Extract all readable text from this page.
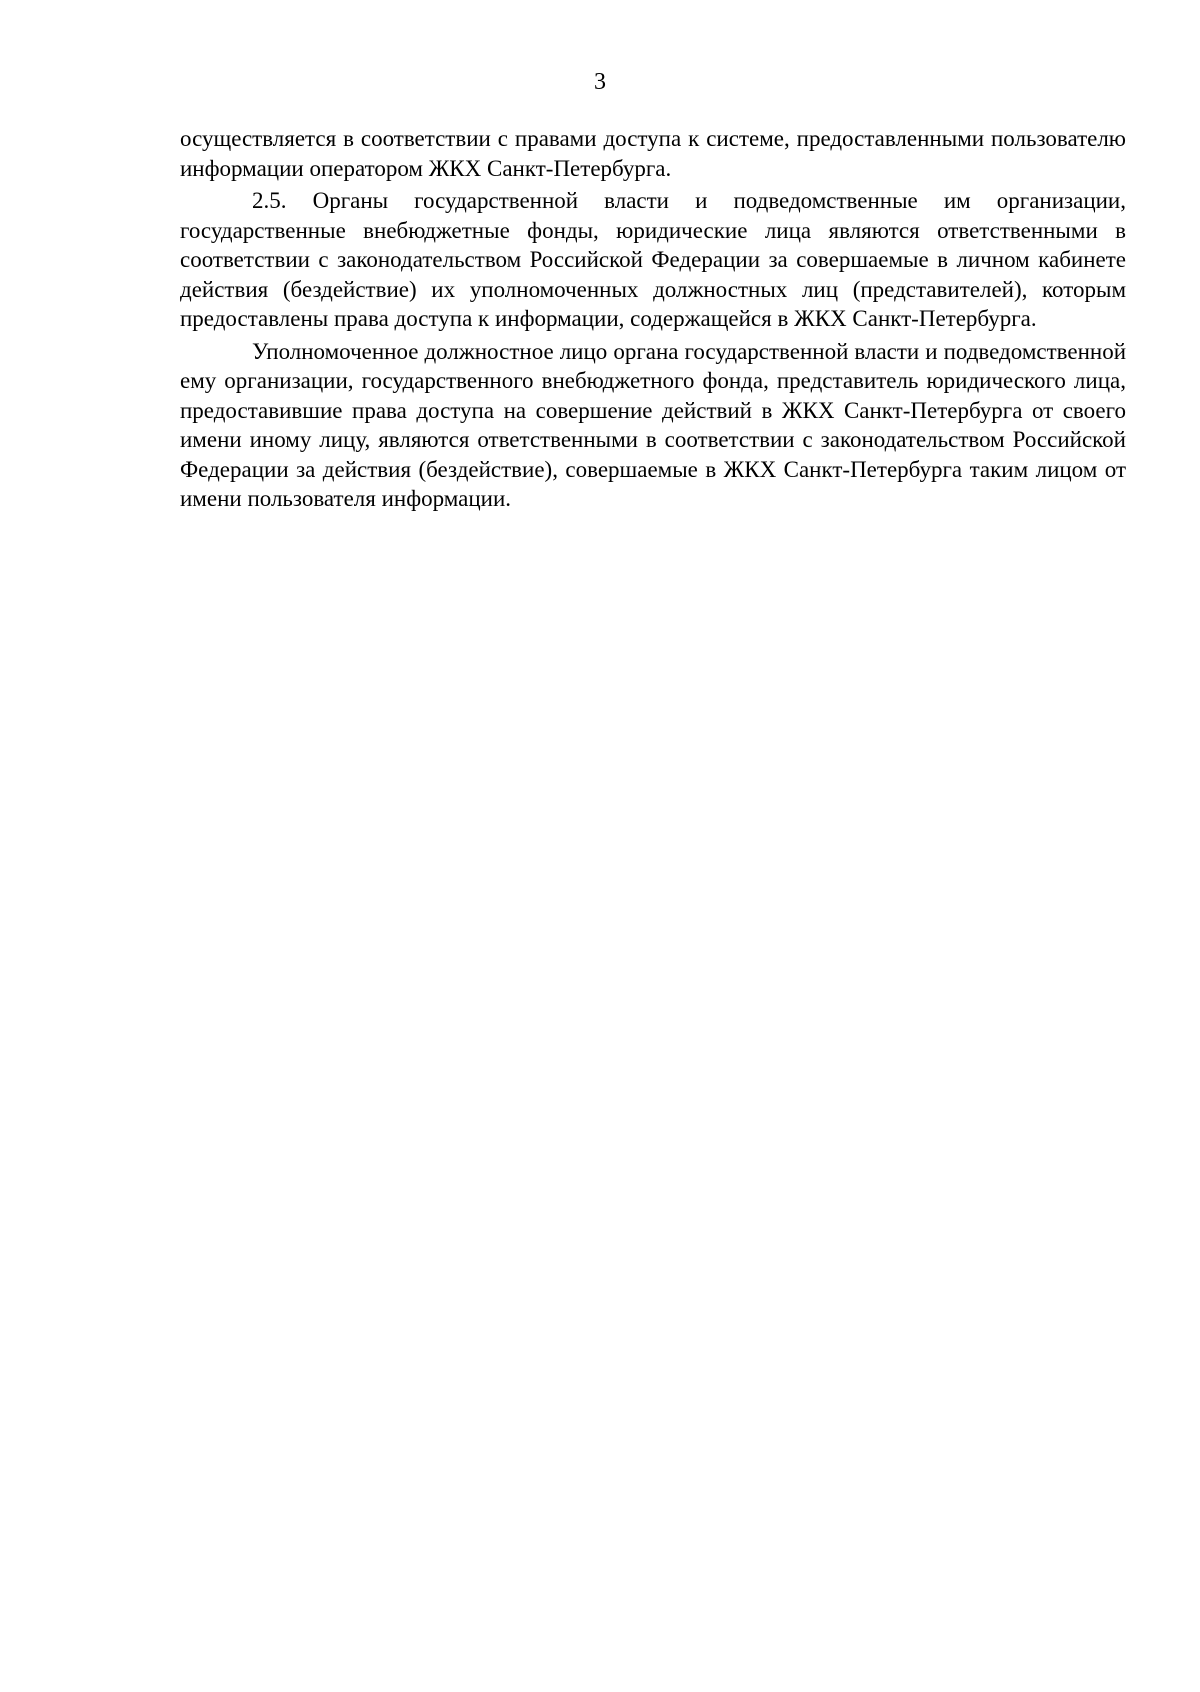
3

осуществляется в соответствии с правами доступа к системе, предоставленными пользователю информации оператором ЖКХ Санкт-Петербурга.

2.5. Органы государственной власти и подведомственные им организации, государственные внебюджетные фонды, юридические лица являются ответственными в соответствии с законодательством Российской Федерации за совершаемые в личном кабинете действия (бездействие) их уполномоченных должностных лиц (представителей), которым предоставлены права доступа к информации, содержащейся в ЖКХ Санкт-Петербурга.

Уполномоченное должностное лицо органа государственной власти и подведомственной ему организации, государственного внебюджетного фонда, представитель юридического лица, предоставившие права доступа на совершение действий в ЖКХ Санкт-Петербурга от своего имени иному лицу, являются ответственными в соответствии с законодательством Российской Федерации за действия (бездействие), совершаемые в ЖКХ Санкт-Петербурга таким лицом от имени пользователя информации.
